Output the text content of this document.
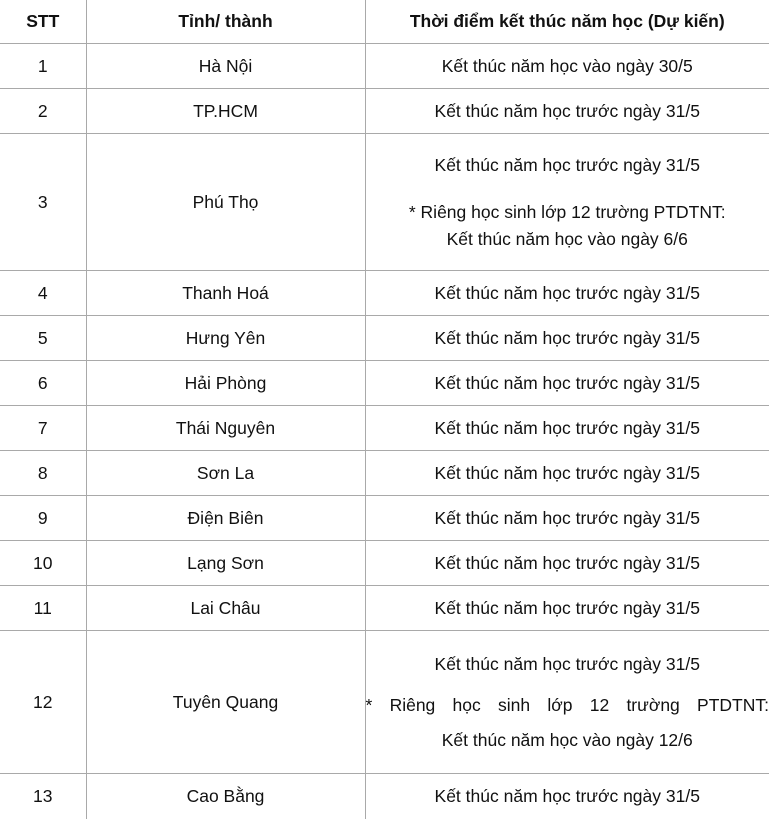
STT	Tỉnh/ thành	Thời điểm kết thúc năm học (Dự kiến)
1	Hà Nội	Kết thúc năm học vào ngày 30/5
2	TP.HCM	Kết thúc năm học trước ngày 31/5
3	Phú Thọ	Kết thúc năm học trước ngày 31/5
* Riêng học sinh lớp 12 trường PTDTNT:
Kết thúc năm học vào ngày 6/6

4	Thanh Hoá	Kết thúc năm học trước ngày 31/5
5	Hưng Yên	Kết thúc năm học trước ngày 31/5
6	Hải Phòng	Kết thúc năm học trước ngày 31/5
7	Thái Nguyên	Kết thúc năm học trước ngày 31/5
8	Sơn La	Kết thúc năm học trước ngày 31/5
9	Điện Biên	Kết thúc năm học trước ngày 31/5
10	Lạng Sơn	Kết thúc năm học trước ngày 31/5
11	Lai Châu	Kết thúc năm học trước ngày 31/5
12	Tuyên Quang	Kết thúc năm học trước ngày 31/5
* Riêng học sinh lớp 12 trường PTDTNT:
Kết thúc năm học vào ngày 12/6

13	Cao Bằng	Kết thúc năm học trước ngày 31/5
